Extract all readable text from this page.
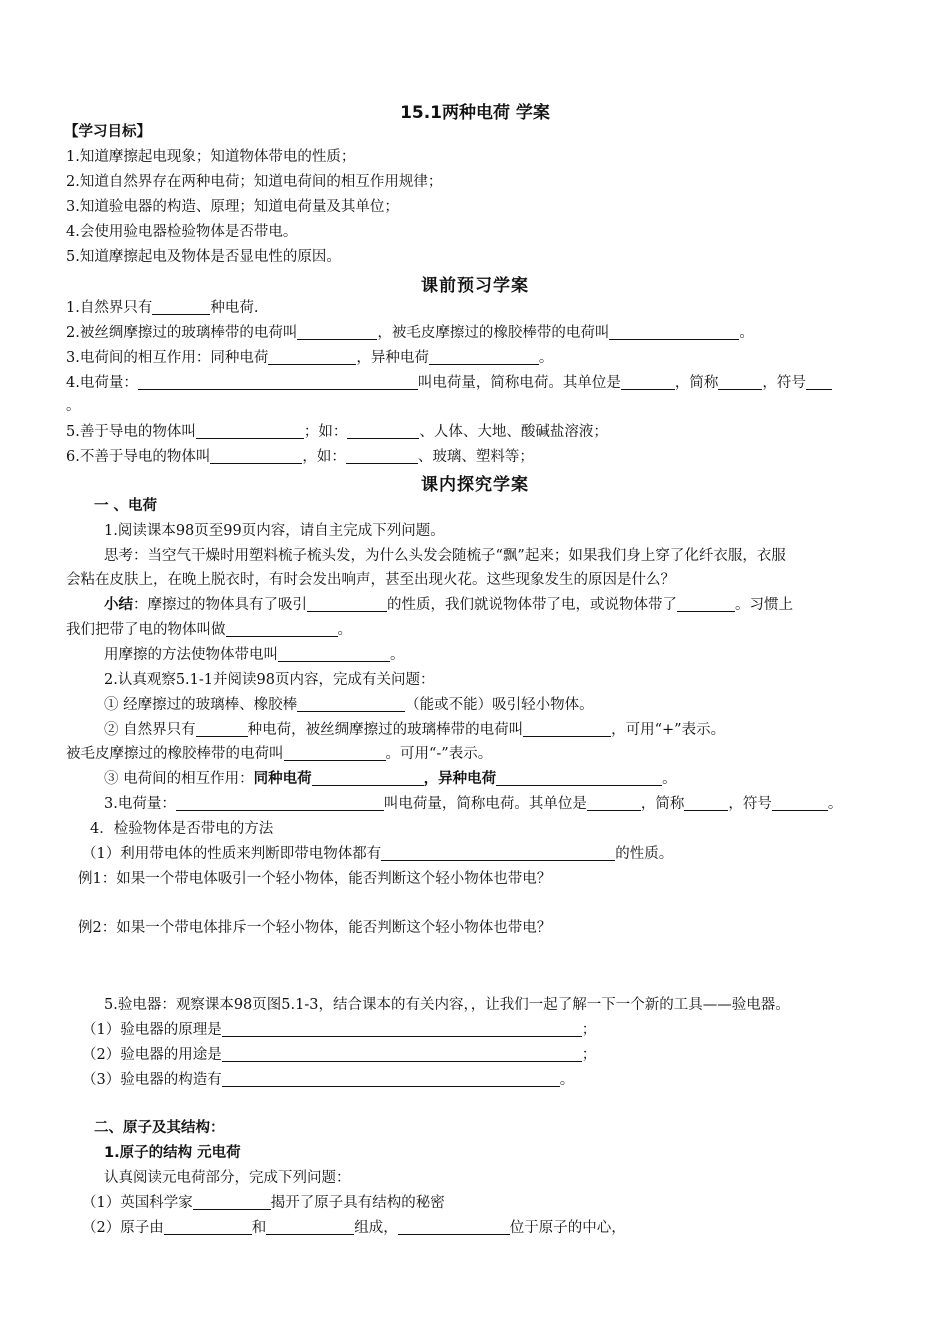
15.1两种电荷 学案
【学习目标】
1.知道摩擦起电现象；知道物体带电的性质；
2.知道自然界存在两种电荷；知道电荷间的相互作用规律；
3.知道验电器的构造、原理；知道电荷量及其单位；
4.会使用验电器检验物体是否带电。
5.知道摩擦起电及物体是否显电性的原因。
课前预习学案
1.自然界只有	种电荷.
2.被丝绸摩擦过的玻璃棒带的电荷叫	，被毛皮摩擦过的橡胶棒带的电荷叫	。
3.电荷间的相互作用：同种电荷	，异种电荷	。
4.电荷量：	叫电荷量，简称电荷。其单位是	，简称	，符号
。
5.善于导电的物体叫	；如：	、人体、大地、酸碱盐溶液；
6.不善于导电的物体叫	，如：	、玻璃、塑料等；
课内探究学案
一 、电荷
1.阅读课本98页至99页内容，请自主完成下列问题。
思考：当空气干燥时用塑料梳子梳头发，为什么头发会随梳子“飘”起来；如果我们身上穿了化纤衣服，衣服
会粘在皮肤上，在晚上脱衣时，有时会发出响声，甚至出现火花。这些现象发生的原因是什么？
小结：摩擦过的物体具有了吸引	的性质，我们就说物体带了电，或说物体带了	。习惯上
我们把带了电的物体叫做	。
用摩擦的方法使物体带电叫	。
2.认真观察5.1-1并阅读98页内容，完成有关问题：
① 经摩擦过的玻璃棒、橡胶棒	（能或不能）吸引轻小物体。
② 自然界只有	种电荷，被丝绸摩擦过的玻璃棒带的电荷叫	，可用“+”表示。
被毛皮摩擦过的橡胶棒带的电荷叫	。可用“-”表示。
③ 电荷间的相互作用：同种电荷	，异种电荷	。
3.电荷量：	叫电荷量，简称电荷。其单位是	，简称	，符号	。
4．检验物体是否带电的方法
（1）利用带电体的性质来判断即带电物体都有	的性质。
例1：如果一个带电体吸引一个轻小物体，能否判断这个轻小物体也带电？
例2：如果一个带电体排斥一个轻小物体，能否判断这个轻小物体也带电？
5.验电器：观察课本98页图5.1-3，结合课本的有关内容，，让我们一起了解一下一个新的工具——验电器。
（1）验电器的原理是	；
（2）验电器的用途是	；
（3）验电器的构造有	。
二、原子及其结构：
1.原子的结构 元电荷
认真阅读元电荷部分，完成下列问题：
（1）英国科学家	揭开了原子具有结构的秘密
（2）原子由	和	组成，	位于原子的中心，
